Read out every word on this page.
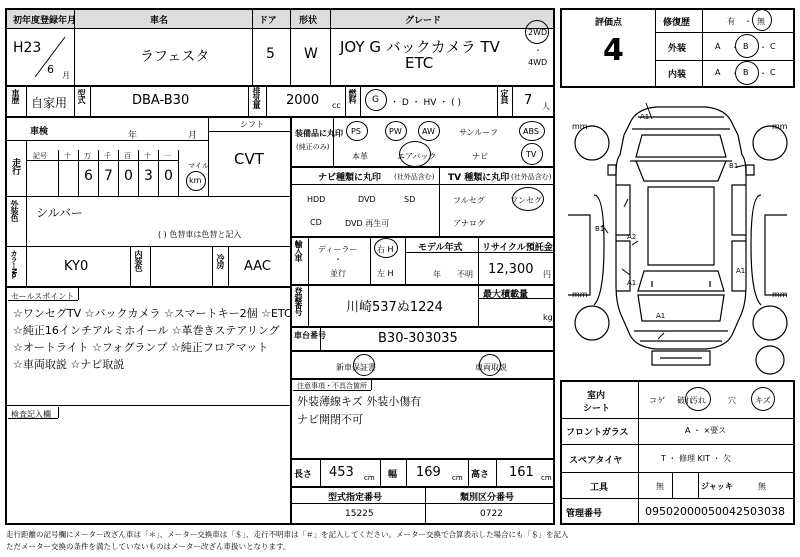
初年度登録年月	車名	ドア 形状	グレード
H23
6 月
ラフェスタ	5 W JOY G バックカメラ TV
ETC
2WD
・
4WD
車歴 自家用 型式	DBA-B30	排気量 2000 cc
燃料 G ・ D ・ HV ・ ( )	定員 7 人
車検	年	月
シフト
CVT
走行
記号 十 万 千 百 十 一
6 7 0 3 0
マイル
km
外装色 シルバー
( ) 色替車は色替と記入
カラーNo.	KY0	内装色	冷房 AAC
セールスポイント
☆ワンセグTV ☆バックカメラ ☆スマートキー2個 ☆ETC
☆純正16インチアルミホイール ☆革巻きステアリング
☆オートライト ☆フォグランプ ☆純正フロアマット
☆車両取説 ☆ナビ取説
検査記入欄
装備品に丸印
(純正のみ)
PS	PW	AW	サンルーフ	ABS
本革	エアバック	ナビ	TV
ナビ種類に丸印 (社外品含む) TV 種類に丸印 (社外品含む)
HDD	DVD	SD
CD	DVD 再生可
フルセグ	ワンセグ
アナログ
輸入車 ディーラー
・
並行
右 H
左 H
モデル年式
年 不明
リサイクル預託金
12,300 円
登録番号	川崎537ぬ1224
最大積載量
kg
車台番号	B30-303035
新車保証書	車両取説
注意事項・不具合箇所
外装薄線キズ 外装小傷有
ナビ開閉不可
長さ 453 cm 幅 169 cm 高さ 161 cm
型式指定番号
15225
類別区分番号
0722
評価点
4
修復歴	有 ・ 無
外装	A ・ B ・ C
内装	A ・ B ・ C
A1
B1
A2
B1
A1
A1
A1
mm	mm
mm	mm
室内
シート
コゲ 破れ
汚れ	穴 キズ
フロントガラス	A ・ ×要ス
スペアタイヤ	T ・ 修理 KIT ・ 欠
工具	無	ジャッキ	無
管理番号	09502000050042503038
走行距離の記号欄にメーター改ざん車は「＊」、メーター交換車は「＄」、走行不明車は「＃」を記入してください。メーター交換で合算表示した場合にも「＄」を記入
ただメーター交換の条件を満たしていないものはメーター改ざん車扱いとなります。
